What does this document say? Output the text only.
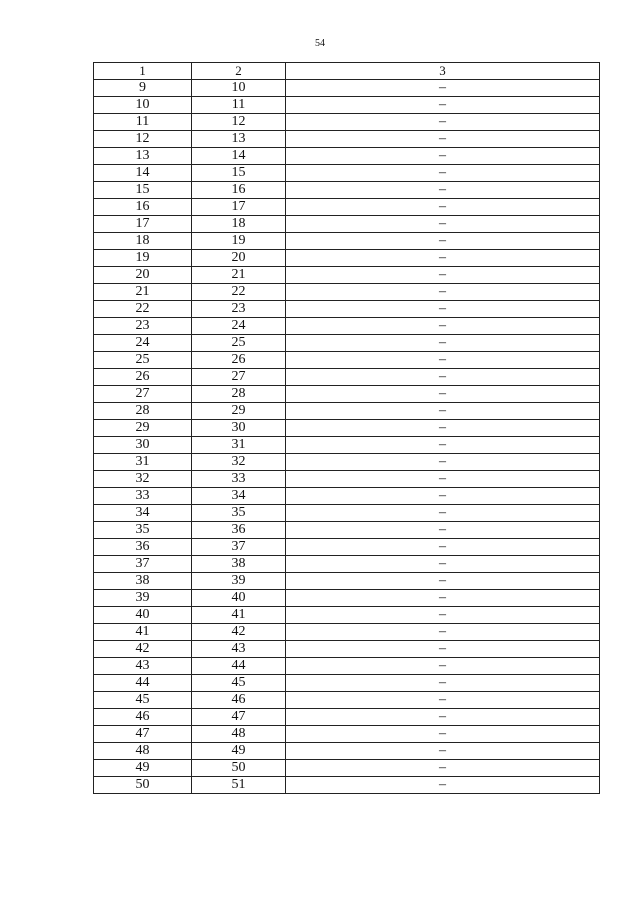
54
1	2	3
9	10	–
10	11	–
11	12	–
12	13	–
13	14	–
14	15	–
15	16	–
16	17	–
17	18	–
18	19	–
19	20	–
20	21	–
21	22	–
22	23	–
23	24	–
24	25	–
25	26	–
26	27	–
27	28	–
28	29	–
29	30	–
30	31	–
31	32	–
32	33	–
33	34	–
34	35	–
35	36	–
36	37	–
37	38	–
38	39	–
39	40	–
40	41	–
41	42	–
42	43	–
43	44	–
44	45	–
45	46	–
46	47	–
47	48	–
48	49	–
49	50	–
50	51	–
